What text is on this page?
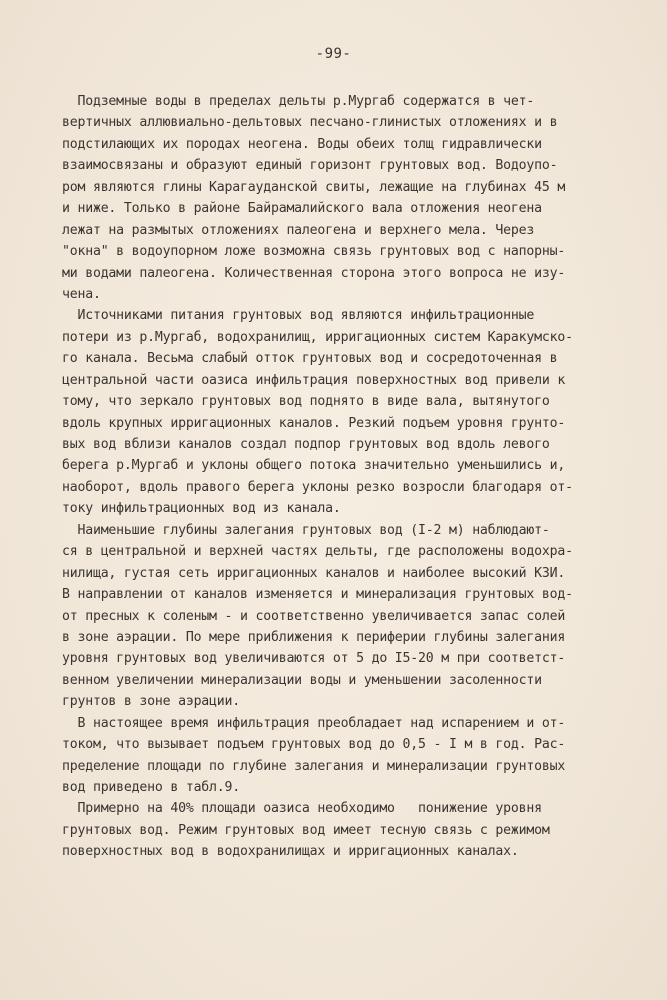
-99-
Подземные воды в пределах дельты р.Мургаб содержатся в чет-
вертичных аллювиально-дельтовых песчано-глинистых отложениях и в
подстилающих их породах неогена. Воды обеих толщ гидравлически
взаимосвязаны и образуют единый горизонт грунтовых вод. Водоупо-
ром являются глины Карагауданской свиты, лежащие на глубинах 45 м
и ниже. Только в районе Байрамалийского вала отложения неогена
лежат на размытых отложениях палеогена и верхнего мела. Через
"окна" в водоупорном ложе возможна связь грунтовых вод с напорны-
ми водами палеогена. Количественная сторона этого вопроса не изу-
чена.
Источниками питания грунтовых вод являются инфильтрационные
потери из р.Мургаб, водохранилищ, ирригационных систем Каракумско-
го канала. Весьма слабый отток грунтовых вод и сосредоточенная в
центральной части оазиса инфильтрация поверхностных вод привели к
тому, что зеркало грунтовых вод поднято в виде вала, вытянутого
вдоль крупных ирригационных каналов. Резкий подъем уровня грунто-
вых вод вблизи каналов создал подпор грунтовых вод вдоль левого
берега р.Мургаб и уклоны общего потока значительно уменьшились и,
наоборот, вдоль правого берега уклоны резко возросли благодаря от-
току инфильтрационных вод из канала.
Наименьшие глубины залегания грунтовых вод (I-2 м) наблюдают-
ся в центральной и верхней частях дельты, где расположены водохра-
нилища, густая сеть ирригационных каналов и наиболее высокий КЗИ.
В направлении от каналов изменяется и минерализация грунтовых вод-
от пресных к соленым - и соответственно увеличивается запас солей
в зоне аэрации. По мере приближения к периферии глубины залегания
уровня грунтовых вод увеличиваются от 5 до I5-20 м при соответст-
венном увеличении минерализации воды и уменьшении засоленности
грунтов в зоне аэрации.
В настоящее время инфильтрация преобладает над испарением и от-
током, что вызывает подъем грунтовых вод до 0,5 - I м в год. Рас-
пределение площади по глубине залегания и минерализации грунтовых
вод приведено в табл.9.
Примерно на 40% площади оазиса необходимо   понижение уровня
грунтовых вод. Режим грунтовых вод имеет тесную связь с режимом
поверхностных вод в водохранилищах и ирригационных каналах.
